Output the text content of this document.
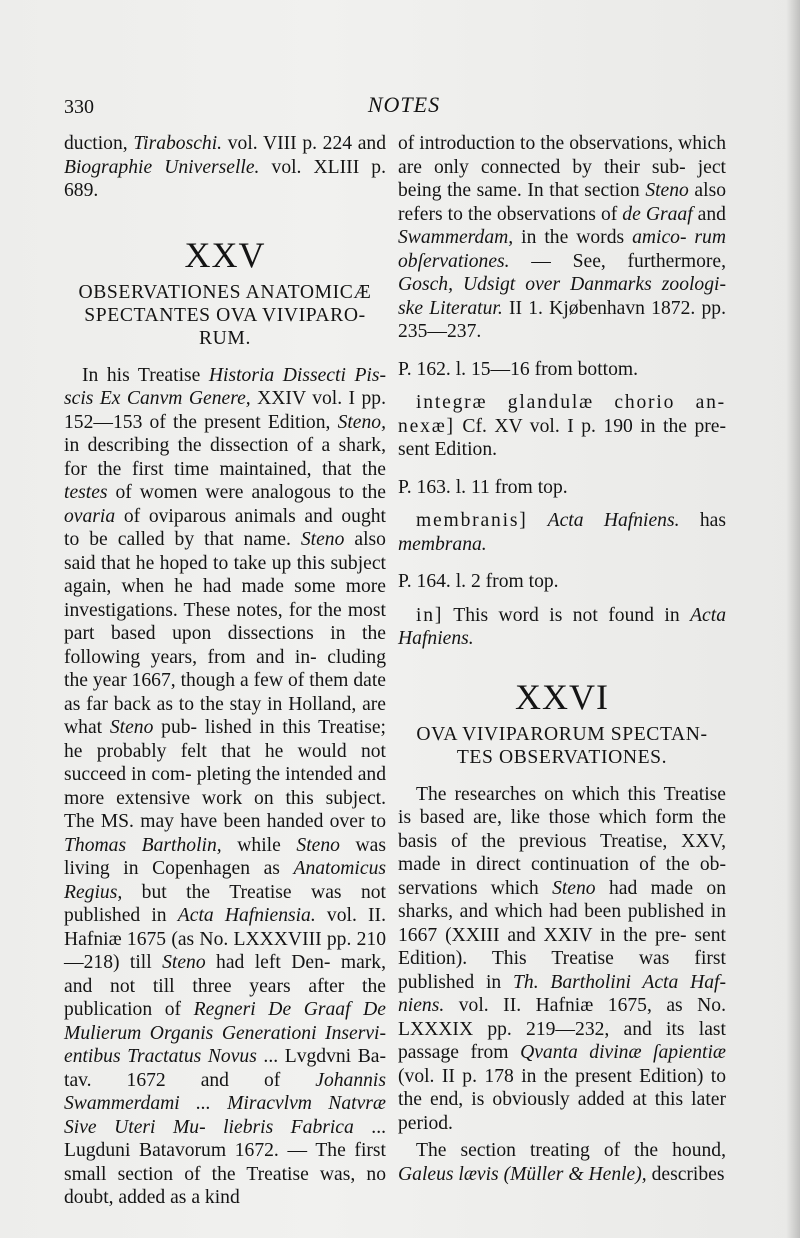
330	NOTES

duction, Tiraboschi. vol. VIII p. 224 and Biographie Universelle. vol. XLIII p. 689.

XXV
OBSERVATIONES ANATOMICÆ SPECTANTES OVA VIVIPARO- RUM.

In his Treatise Historia Dissecti Pis- scis Ex Canvm Genere, XXIV vol. I pp. 152—153 of the present Edition, Steno, in describing the dissection of a shark, for the first time maintained, that the testes of women were analogous to the ovaria of oviparous animals and ought to be called by that name. Steno also said that he hoped to take up this subject again, when he had made some more investigations. These notes, for the most part based upon dissections in the following years, from and in- cluding the year 1667, though a few of them date as far back as to the stay in Holland, are what Steno pub- lished in this Treatise; he probably felt that he would not succeed in com- pleting the intended and more extensive work on this subject. The MS. may have been handed over to Thomas Bartholin, while Steno was living in Copenhagen as Anatomicus Regius, but the Treatise was not published in Acta Hafniensia. vol. II. Hafniæ 1675 (as No. LXXXVIII pp. 210—218) till Steno had left Den- mark, and not till three years after the publication of Regneri De Graaf De Mulierum Organis Generationi Inservi- entibus Tractatus Novus ... Lvgdvni Ba- tav. 1672 and of Johannis Swammerdami ... Miracvlvm Natvræ Sive Uteri Mu- liebris Fabrica ... Lugduni Batavorum 1672. — The first small section of the Treatise was, no doubt, added as a kind

of introduction to the observations, which are only connected by their sub- ject being the same. In that section Steno also refers to the observations of de Graaf and Swammerdam, in the words amico- rum obſervationes. — See, furthermore, Gosch, Udsigt over Danmarks zoologi- ske Literatur. II 1. Kjøbenhavn 1872. pp. 235—237.

P. 162. l. 15—16 from bottom.

integræ glandulæ chorio an- nexæ] Cf. XV vol. I p. 190 in the pre- sent Edition.

P. 163. l. 11 from top.

membranis] Acta Hafniens. has membrana.

P. 164. l. 2 from top.

in] This word is not found in Acta Hafniens.

XXVI
OVA VIVIPARORUM SPECTAN- TES OBSERVATIONES.

The researches on which this Treatise is based are, like those which form the basis of the previous Treatise, XXV, made in direct continuation of the ob- servations which Steno had made on sharks, and which had been published in 1667 (XXIII and XXIV in the pre- sent Edition). This Treatise was first published in Th. Bartholini Acta Haf- niens. vol. II. Hafniæ 1675, as No. LXXXIX pp. 219—232, and its last passage from Qvanta divinæ ſapientiæ (vol. II p. 178 in the present Edition) to the end, is obviously added at this later period.

The section treating of the hound, Galeus lævis (Müller & Henle), describes
